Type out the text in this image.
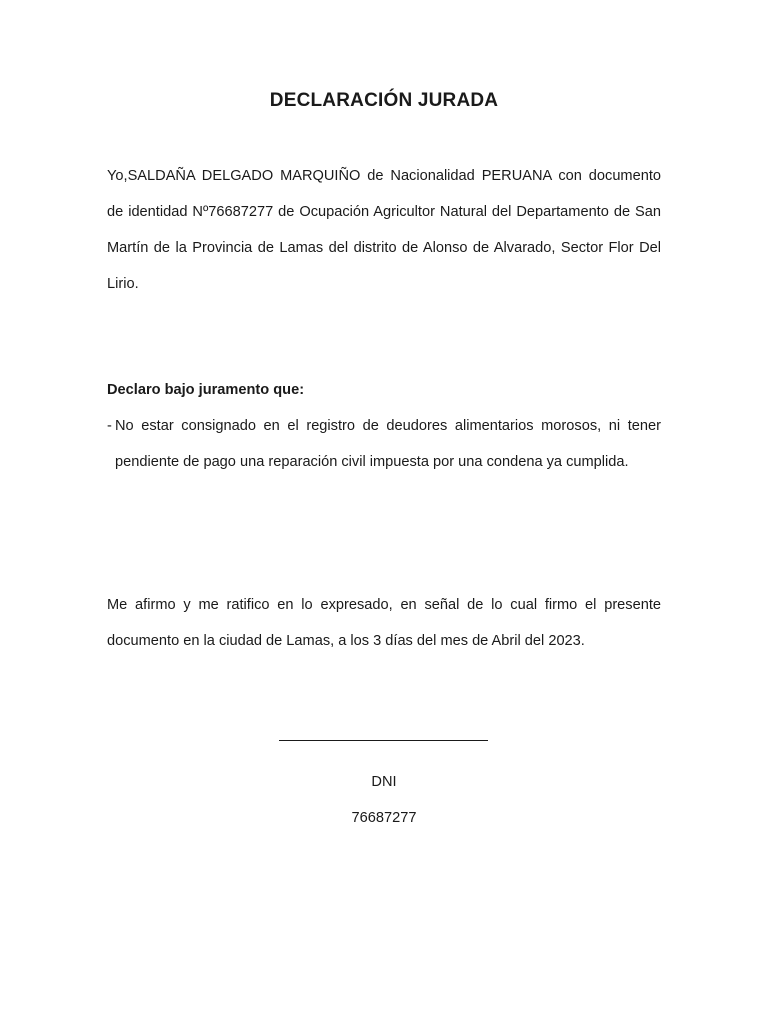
DECLARACIÓN JURADA
Yo,SALDAÑA DELGADO MARQUIÑO de Nacionalidad PERUANA con documento de identidad Nº76687277 de Ocupación Agricultor Natural del Departamento de San Martín de la Provincia de Lamas del distrito de Alonso de Alvarado, Sector Flor Del Lirio.
Declaro bajo juramento que:
- No estar consignado en el registro de deudores alimentarios morosos, ni tener pendiente de pago una reparación civil impuesta por una condena ya cumplida.
Me afirmo y me ratifico en lo expresado, en señal de lo cual firmo el presente documento en la ciudad de Lamas, a los 3 días del mes de Abril del 2023.
DNI
76687277
